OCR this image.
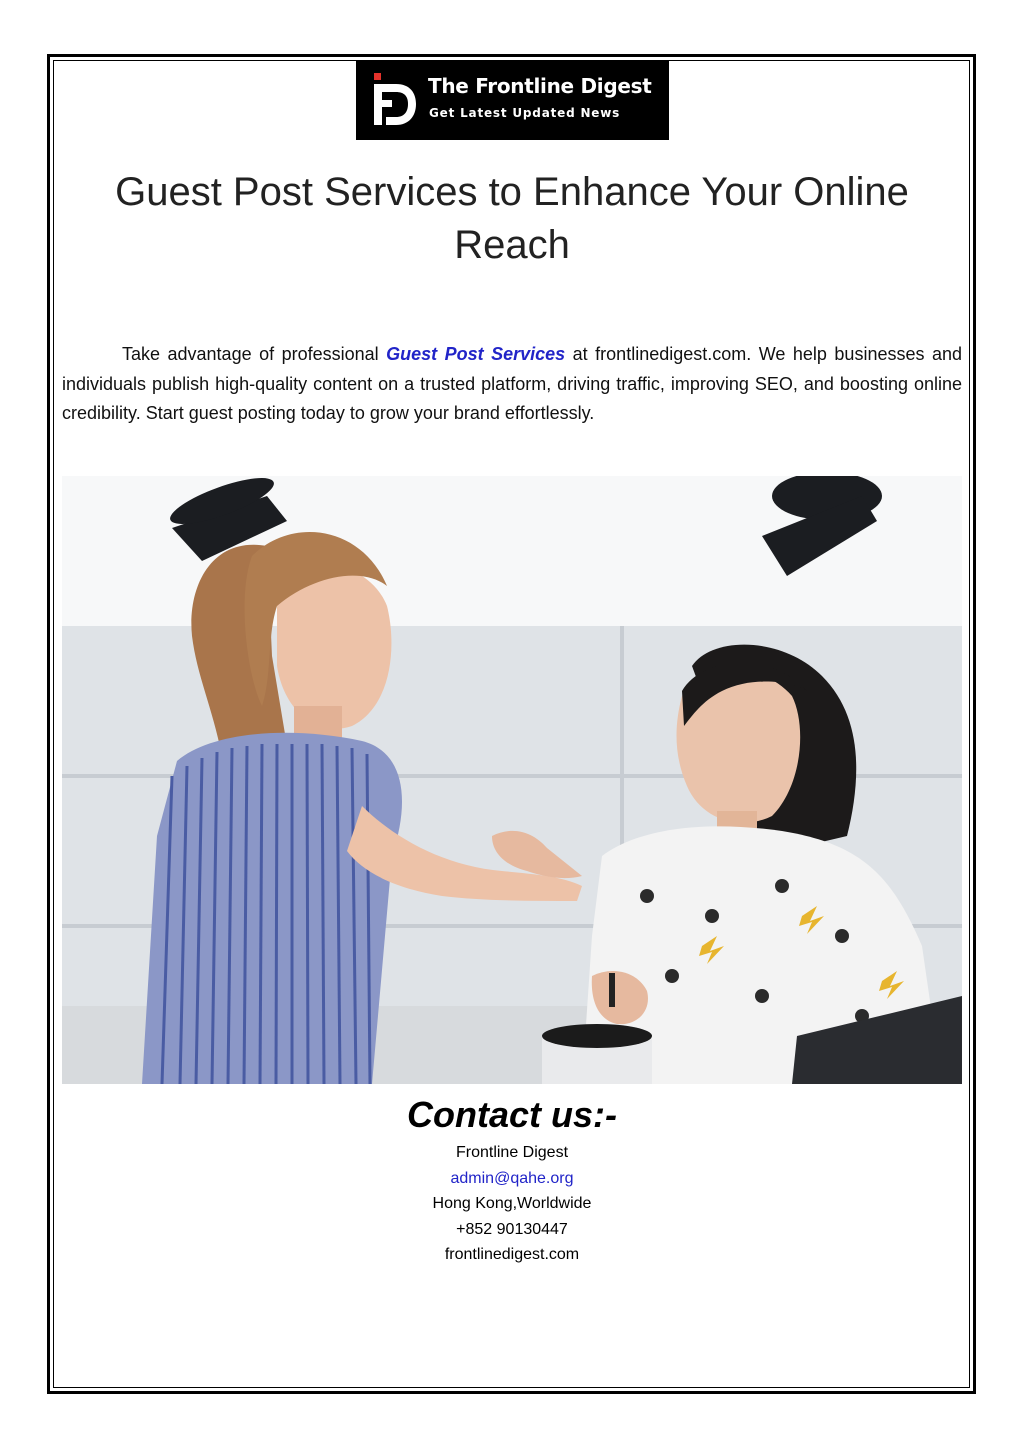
The Frontline Digest
Get Latest Updated News
Guest Post Services to Enhance Your Online Reach

Take advantage of professional Guest Post Services at frontlinedigest.com. We help businesses and individuals publish high-quality content on a trusted platform, driving traffic, improving SEO, and boosting online credibility. Start guest posting today to grow your brand effortlessly.

Contact us:-
Frontline Digest
admin@qahe.org
Hong Kong,Worldwide
+852 90130447
frontlinedigest.com
